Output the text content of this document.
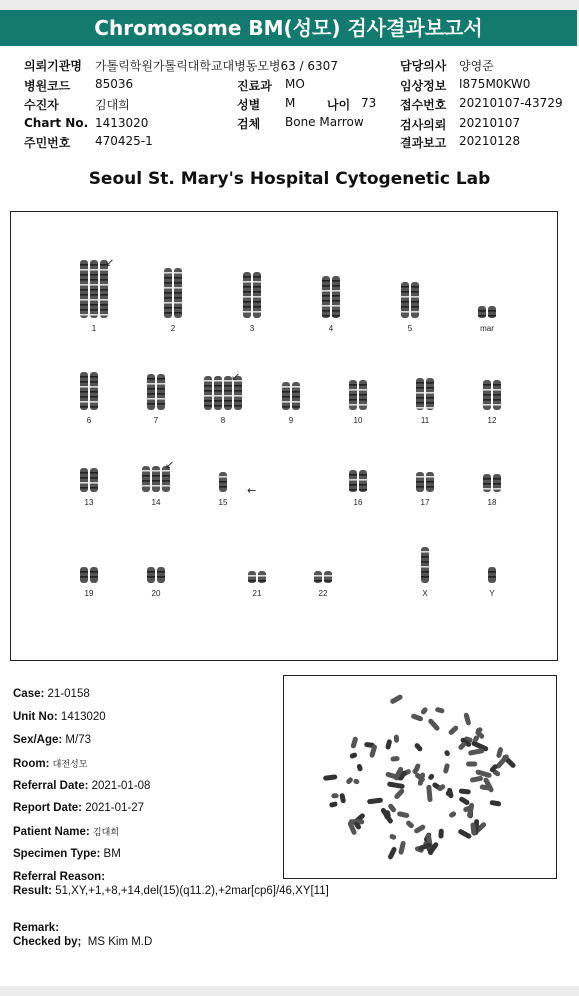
Chromosome BM(성모) 검사결과보고서
의뢰기관명 가톨릭학원가톨릭대학교대병동모병63 / 6307
병원코드 85036
수진자	김대희
Chart No. 1413020
주민번호 470425-1
진료과 MO
성별 M	나이 73
검체 Bone Marrow
담당의사 양영준
임상정보 I875M0KW0
접수번호 20210107-43729
검사의뢰 20210107
결과보고 20210128
Seoul St. Mary's Hospital Cytogenetic Lab
1	2	3	4	5	mar
6	7	8	9	10	11	12
13	14	15	16	17	18
19	20	21	22	X	Y
↙
↙
↙
←
Case: 21-0158
Unit No: 1413020
Sex/Age: M/73
Room: 대전성모
Referral Date: 2021-01-08
Report Date: 2021-01-27
Patient Name: 김대희
Specimen Type: BM
Referral Reason:
Result: 51,XY,+1,+8,+14,del(15)(q11.2),+2mar[cp6]/46,XY[11]
Remark:
Checked by; MS Kim M.D
